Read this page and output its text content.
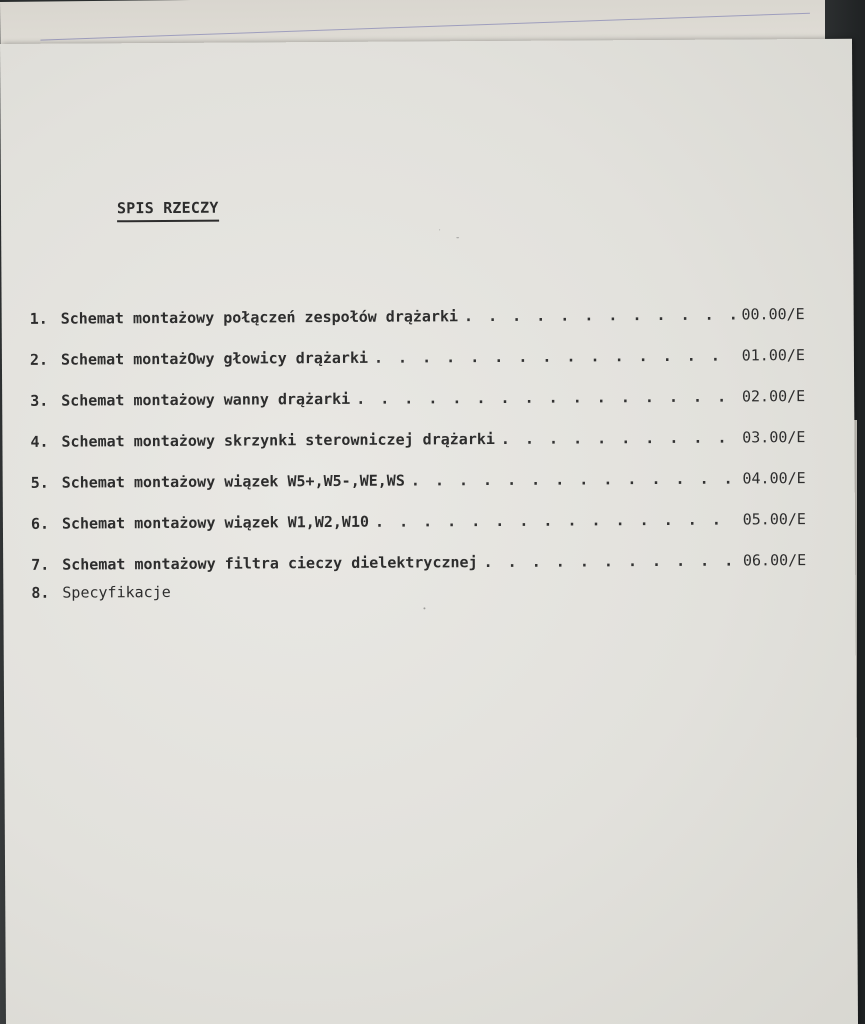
SPIS RZECZY
1. Schemat montażowy połączeń zespołów drążarki . . .	00.00/E
2. Schemat montażOwy głowicy drążarki . . .	01.00/E
3. Schemat montażowy wanny drążarki . . .	02.00/E
4. Schemat montażowy skrzynki sterowniczej drążarki . . .	03.00/E
5. Schemat montażowy wiązek W5+,W5-,WE,WS . . .	04.00/E
6. Schemat montażowy wiązek W1,W2,W10 . . .	05.00/E
7. Schemat montażowy filtra cieczy dielektrycznej . . .	06.00/E
8. Specyfikacje
